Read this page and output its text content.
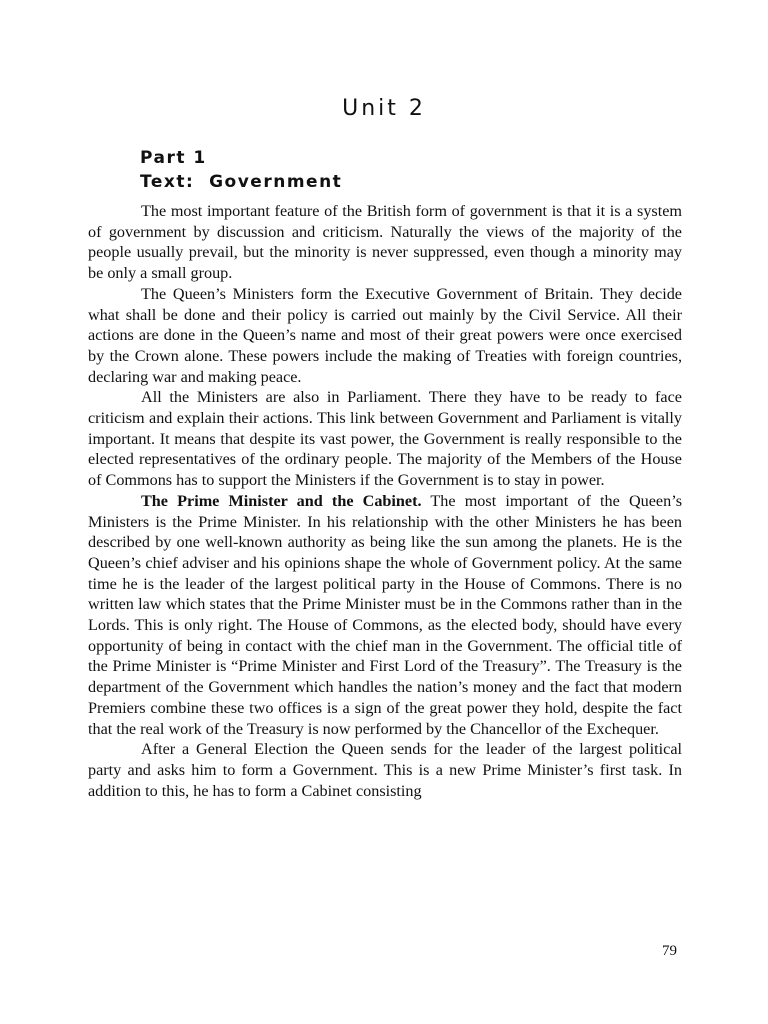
Unit 2
Part 1
Text:  Government

The most important feature of the British form of government is that it is a system of government by discussion and criticism. Naturally the views of the majority of the people usually prevail, but the minority is never suppressed, even though a minority may be only a small group.

The Queen’s Ministers form the Executive Government of Britain. They decide what shall be done and their policy is carried out mainly by the Civil Service. All their actions are done in the Queen’s name and most of their great powers were once exercised by the Crown alone. These powers include the making of Treaties with foreign countries, declaring war and making peace.

All the Ministers are also in Parliament. There they have to be ready to face criticism and explain their actions. This link between Government and Parliament is vitally important. It means that despite its vast power, the Government is really responsible to the elected representatives of the ordinary people. The majority of the Members of the House of Commons has to support the Ministers if the Government is to stay in power.

The Prime Minister and the Cabinet. The most important of the Queen’s Ministers is the Prime Minister. In his relationship with the other Ministers he has been described by one well-known authority as being like the sun among the planets. He is the Queen’s chief adviser and his opinions shape the whole of Government policy. At the same time he is the leader of the largest political party in the House of Commons. There is no written law which states that the Prime Minister must be in the Commons rather than in the Lords. This is only right. The House of Commons, as the elected body, should have every opportunity of being in contact with the chief man in the Government. The official title of the Prime Minister is “Prime Minister and First Lord of the Treasury”. The Treasury is the department of the Government which handles the nation’s money and the fact that modern Premiers combine these two offices is a sign of the great power they hold, despite the fact that the real work of the Treasury is now performed by the Chancellor of the Exchequer.

After a General Election the Queen sends for the leader of the largest political party and asks him to form a Government. This is a new Prime Minister’s first task. In addition to this, he has to form a Cabinet consisting

79
